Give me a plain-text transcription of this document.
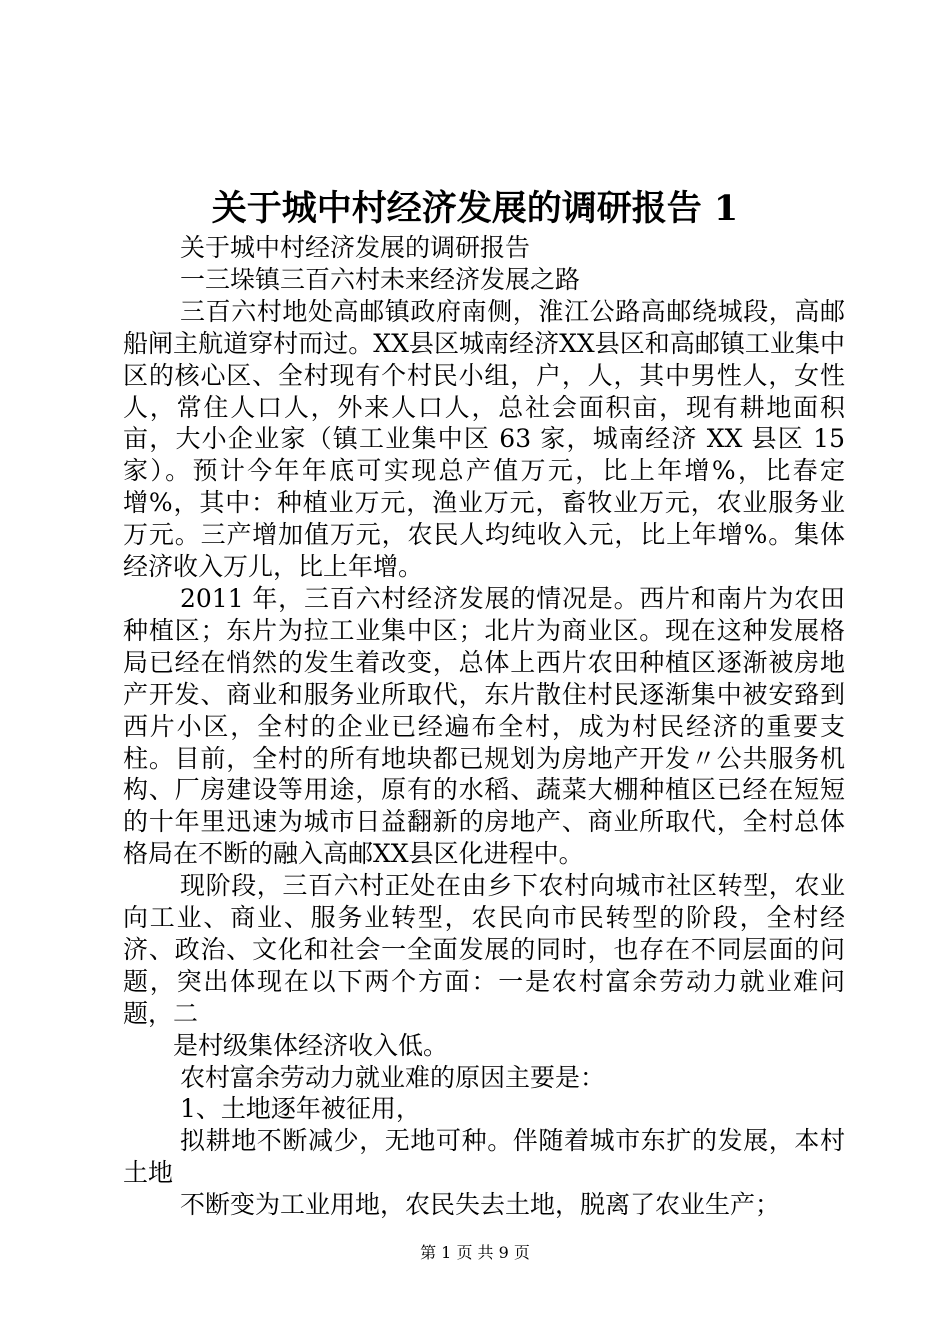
关于城中村经济发展的调研报告 1

关于城中村经济发展的调研报告

一三垛镇三百六村未来经济发展之路

三百六村地处高邮镇政府南侧，淮江公路高邮绕城段，高邮船闸主航道穿村而过。XX县区城南经济XX县区和高邮镇工业集中区的核心区、全村现有个村民小组，户，人，其中男性人，女性人，常住人口人，外来人口人，总社会面积亩，现有耕地面积亩，大小企业家（镇工业集中区 63 家，城南经济 XX 县区 15 家）。预计今年年底可实现总产值万元，比上年增%，比春定增%，其中：种植业万元，渔业万元，畜牧业万元，农业服务业万元。三产增加值万元，农民人均纯收入元，比上年增%。集体经济收入万儿，比上年增。

2011 年，三百六村经济发展的情况是。西片和南片为农田种植区；东片为拉工业集中区；北片为商业区。现在这种发展格局已经在悄然的发生着改变，总体上西片农田种植区逐渐被房地产开发、商业和服务业所取代，东片散住村民逐渐集中被安臵到西片小区，全村的企业已经遍布全村，成为村民经济的重要支柱。目前，全村的所有地块都已规划为房地产开发〃公共服务机构、厂房建设等用途，原有的水稻、蔬菜大棚种植区已经在短短的十年里迅速为城市日益翻新的房地产、商业所取代，全村总体格局在不断的融入高邮XX县区化进程中。

现阶段，三百六村正处在由乡下农村向城市社区转型，农业向工业、商业、服务业转型，农民向市民转型的阶段，全村经济、政治、文化和社会一全面发展的同时，也存在不同层面的问题，突出体现在以下两个方面：一是农村富余劳动力就业难问题，二

是村级集体经济收入低。

农村富余劳动力就业难的原因主要是：

1、土地逐年被征用，

拟耕地不断减少，无地可种。伴随着城市东扩的发展，本村土地

不断变为工业用地，农民失去土地，脱离了农业生产；

第 1 页 共 9 页
